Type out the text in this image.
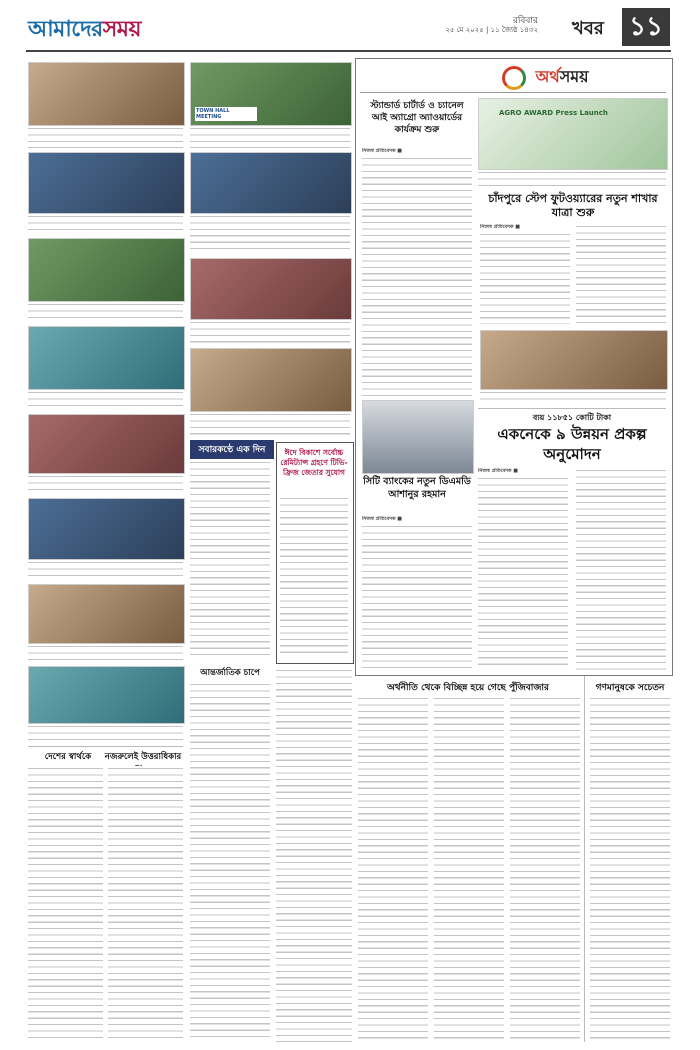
আমাদেরসময়	রবিবার
২৫ মে ২০২৫ | ১১ জ্যৈষ্ঠ ১৪৩২ খবর ১১
TOWN HALL MEETING
সবারকণ্ঠে এক দিন	ঈদে বিকাশে সর্বোচ্চ রেমিট্যান্স গ্রহণে টিভি-ফ্রিজ জেতার সুযোগ
আন্তর্জাতিক চাপে
দেশের স্বার্থকে	নজরুলেই উত্তরাধিকার
অর্থসময়
স্ট্যান্ডার্ড চার্টার্ড ও চ্যানেল আই অ্যাগ্রো অ্যাওয়ার্ডের কার্যক্রম শুরু
নিজস্ব প্রতিবেদক ■
AGRO AWARD Press Launch
চাঁদপুরে স্টেপ ফুটওয়্যারের নতুন শাখার যাত্রা শুরু
নিজস্ব প্রতিবেদক ■
ব্যয় ১১৮৫১ কোটি টাকা
একনেকে ৯ উন্নয়ন প্রকল্প অনুমোদন
নিজস্ব প্রতিবেদক ■
সিটি ব্যাংকের নতুন ডিএমডি আশানুর রহমান
নিজস্ব প্রতিবেদক ■
অর্থনীতি থেকে বিচ্ছিন্ন হয়ে গেছে পুঁজিবাজার	গণমানুষকে সচেতন
